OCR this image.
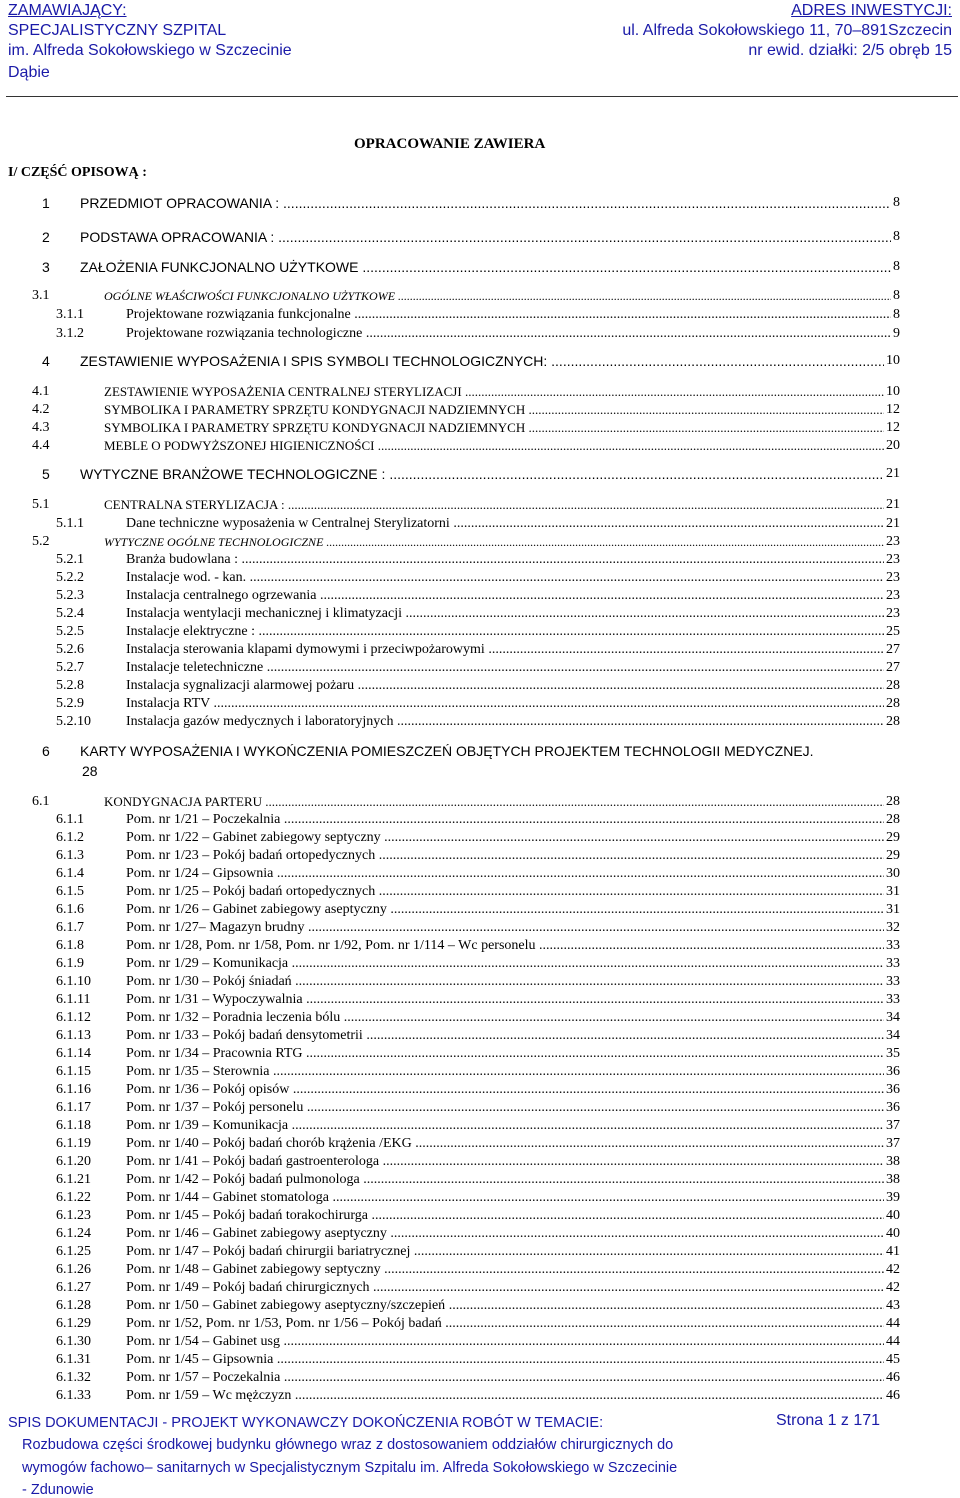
ZAMAWIAJĄCY:
SPECJALISTYCZNY SZPITAL
im. Alfreda Sokołowskiego w Szczecinie
Dąbie
ADRES INWESTYCJI:
ul. Alfreda Sokołowskiego 11, 70–891Szczecin
nr ewid. działki: 2/5 obręb 15
OPRACOWANIE ZAWIERA
I/ CZĘŚĆ OPISOWĄ :
1 PRZEDMIOT OPRACOWANIA : .....	8
2 PODSTAWA OPRACOWANIA : .....	8
3 ZAŁOŻENIA FUNKCJONALNO UŻYTKOWE .....	8
3.1	OGÓLNE WŁAŚCIWOŚCI FUNKCJONALNO UŻYTKOWE .....	8
3.1.1	Projektowane rozwiązania funkcjonalne .....	8
3.1.2	Projektowane rozwiązania technologiczne .....	9
4 ZESTAWIENIE WYPOSAŻENIA I SPIS SYMBOLI TECHNOLOGICZNYCH: .....	10
4.1	ZESTAWIENIE WYPOSAŻENIA CENTRALNEJ STERYLIZACJI .....	10
4.2	SYMBOLIKA I PARAMETRY SPRZĘTU KONDYGNACJI NADZIEMNYCH .....	12
4.3	SYMBOLIKA I PARAMETRY SPRZĘTU KONDYGNACJI NADZIEMNYCH .....	12
4.4	MEBLE O PODWYŻSZONEJ HIGIENICZNOŚCI .....	20
5 WYTYCZNE BRANŻOWE TECHNOLOGICZNE : .....	21
5.1	CENTRALNA STERYLIZACJA : .....	21
5.1.1	Dane techniczne wyposażenia w Centralnej Sterylizatorni .....	21
5.2	WYTYCZNE OGÓLNE TECHNOLOGICZNE .....	23
5.2.1	Branża budowlana : .....	23
5.2.2	Instalacje wod. - kan. .....	23
5.2.3	Instalacja centralnego ogrzewania .....	23
5.2.4	Instalacja wentylacji mechanicznej i klimatyzacji .....	23
5.2.5	Instalacje elektryczne : .....	25
5.2.6	Instalacja sterowania klapami dymowymi i przeciwpożarowymi .....	27
5.2.7	Instalacje teletechniczne .....	27
5.2.8	Instalacja sygnalizacji alarmowej pożaru .....	28
5.2.9	Instalacja RTV .....	28
5.2.10	Instalacja gazów medycznych i laboratoryjnych .....	28
6 KARTY WYPOSAŻENIA I WYKOŃCZENIA POMIESZCZEŃ OBJĘTYCH PROJEKTEM TECHNOLOGII MEDYCZNEJ.
28
6.1	KONDYGNACJA PARTERU .....	28
6.1.1	Pom. nr 1/21 – Poczekalnia .....	28
6.1.2	Pom. nr 1/22 – Gabinet zabiegowy septyczny .....	29
6.1.3	Pom. nr 1/23 – Pokój badań ortopedycznych .....	29
6.1.4	Pom. nr 1/24 – Gipsownia .....	30
6.1.5	Pom. nr 1/25 – Pokój badań ortopedycznych .....	31
6.1.6	Pom. nr 1/26 – Gabinet zabiegowy aseptyczny .....	31
6.1.7	Pom. nr 1/27– Magazyn brudny .....	32
6.1.8	Pom. nr 1/28, Pom. nr 1/58, Pom. nr 1/92, Pom. nr 1/114 – Wc personelu .....	33
6.1.9	Pom. nr 1/29 – Komunikacja .....	33
6.1.10	Pom. nr 1/30 – Pokój śniadań .....	33
6.1.11	Pom. nr 1/31 – Wypoczywalnia .....	33
6.1.12	Pom. nr 1/32 – Poradnia leczenia bólu .....	34
6.1.13	Pom. nr 1/33 – Pokój badań densytometrii .....	34
6.1.14	Pom. nr 1/34 – Pracownia RTG .....	35
6.1.15	Pom. nr 1/35 – Sterownia .....	36
6.1.16	Pom. nr 1/36 – Pokój opisów .....	36
6.1.17	Pom. nr 1/37 – Pokój personelu .....	36
6.1.18	Pom. nr 1/39 – Komunikacja .....	37
6.1.19	Pom. nr 1/40 – Pokój badań chorób krążenia /EKG .....	37
6.1.20	Pom. nr 1/41 – Pokój badań gastroenterologa .....	38
6.1.21	Pom. nr 1/42 – Pokój badań pulmonologa .....	38
6.1.22	Pom. nr 1/44 – Gabinet stomatologa .....	39
6.1.23	Pom. nr 1/45 – Pokój badań torakochirurga .....	40
6.1.24	Pom. nr 1/46 – Gabinet zabiegowy aseptyczny .....	40
6.1.25	Pom. nr 1/47 – Pokój badań chirurgii bariatrycznej .....	41
6.1.26	Pom. nr 1/48 – Gabinet zabiegowy septyczny .....	42
6.1.27	Pom. nr 1/49 – Pokój badań chirurgicznych .....	42
6.1.28	Pom. nr 1/50 – Gabinet zabiegowy aseptyczny/szczepień .....	43
6.1.29	Pom. nr 1/52, Pom. nr 1/53, Pom. nr 1/56 – Pokój badań .....	44
6.1.30	Pom. nr 1/54 – Gabinet usg .....	44
6.1.31	Pom. nr 1/45 – Gipsownia .....	45
6.1.32	Pom. nr 1/57 – Poczekalnia .....	46
6.1.33	Pom. nr 1/59 – Wc mężczyzn .....	46
SPIS DOKUMENTACJI - PROJEKT WYKONAWCZY DOKOŃCZENIA ROBÓT W TEMACIE:	Strona 1 z 171
Rozbudowa części środkowej budynku głównego wraz z dostosowaniem oddziałów chirurgicznych do
wymogów fachowo– sanitarnych w Specjalistycznym Szpitalu im. Alfreda Sokołowskiego w Szczecinie
- Zdunowie
